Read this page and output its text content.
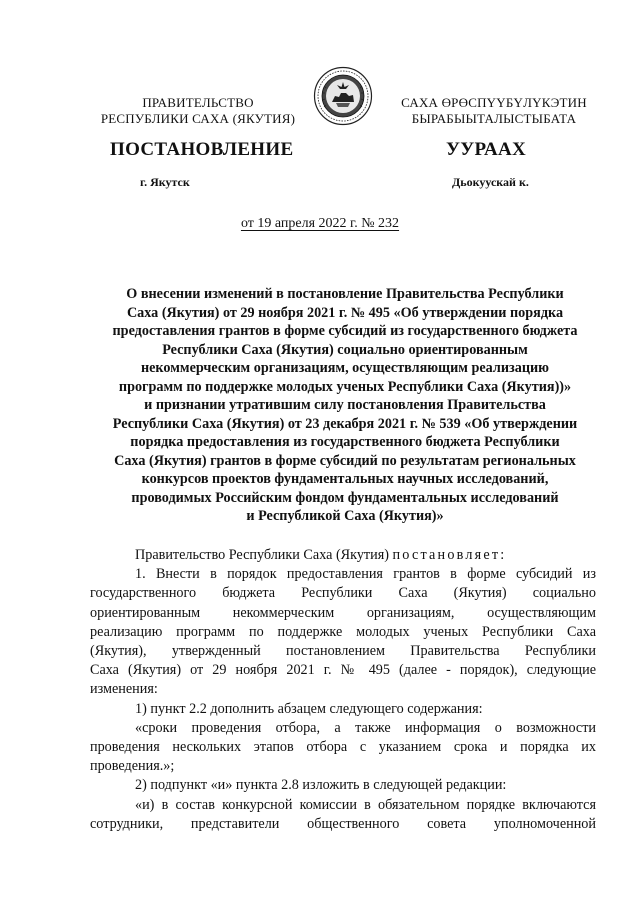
ПРАВИТЕЛЬСТВО
РЕСПУБЛИКИ САХА (ЯКУТИЯ)
САХА ӨРӨСПҮҮБҮЛҮКЭТИН
БЫРАБЫЫТАЛЫСТЫБАТА
ПОСТАНОВЛЕНИЕ	УУРААХ
г. Якутск	Дьокуускай к.
от 19 апреля 2022 г. № 232
О внесении изменений в постановление Правительства Республики
Саха (Якутия) от 29 ноября 2021 г. № 495 «Об утверждении порядка
предоставления грантов в форме субсидий из государственного бюджета
Республики Саха (Якутия) социально ориентированным
некоммерческим организациям, осуществляющим реализацию
программ по поддержке молодых ученых Республики Саха (Якутия))»
и признании утратившим силу постановления Правительства
Республики Саха (Якутия) от 23 декабря 2021 г. № 539 «Об утверждении
порядка предоставления из государственного бюджета Республики
Саха (Якутия) грантов в форме субсидий по результатам региональных
конкурсов проектов фундаментальных научных исследований,
проводимых Российским фондом фундаментальных исследований
и Республикой Саха (Якутия)»
Правительство Республики Саха (Якутия) постановляет:
1. Внести в порядок предоставления грантов в форме субсидий из
государственного бюджета Республики Саха (Якутия) социально
ориентированным некоммерческим организациям, осуществляющим
реализацию программ по поддержке молодых ученых Республики Саха
(Якутия), утвержденный постановлением Правительства Республики
Саха (Якутия) от 29 ноября 2021 г. № 495 (далее - порядок), следующие
изменения:
1) пункт 2.2 дополнить абзацем следующего содержания:
«сроки проведения отбора, а также информация о возможности
проведения нескольких этапов отбора с указанием срока и порядка их
проведения.»;
2) подпункт «и» пункта 2.8 изложить в следующей редакции:
«и) в состав конкурсной комиссии в обязательном порядке включаются
сотрудники, представители общественного совета уполномоченной
